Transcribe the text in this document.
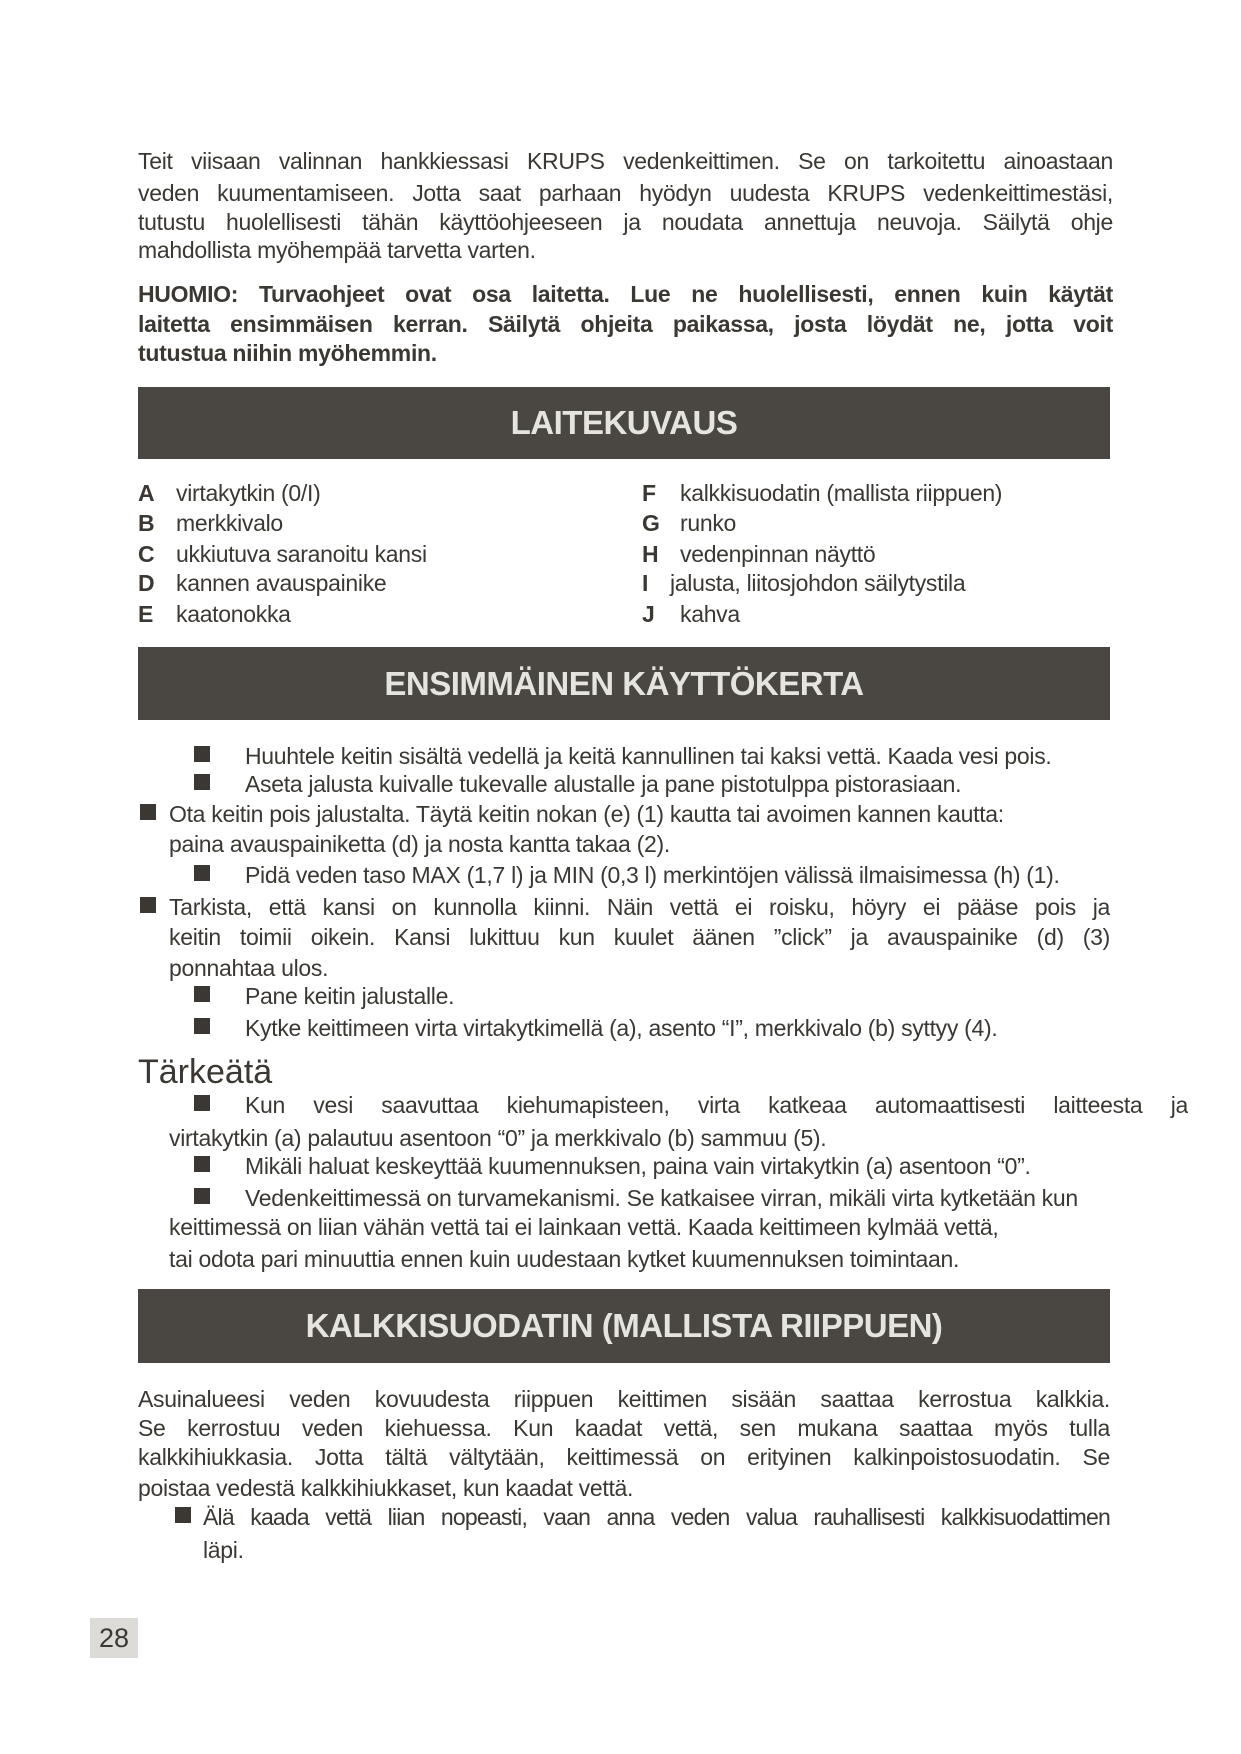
Teit viisaan valinnan hankkiessasi KRUPS vedenkeittimen. Se on tarkoitettu ainoastaan
veden kuumentamiseen. Jotta saat parhaan hyödyn uudesta KRUPS vedenkeittimestäsi,
tutustu huolellisesti tähän käyttöohjeeseen ja noudata annettuja neuvoja. Säilytä ohje
mahdollista myöhempää tarvetta varten.
HUOMIO: Turvaohjeet ovat osa laitetta. Lue ne huolellisesti, ennen kuin käytät
laitetta ensimmäisen kerran. Säilytä ohjeita paikassa, josta löydät ne, jotta voit
tutustua niihin myöhemmin.
LAITEKUVAUS
A virtakytkin (0/I)
B merkkivalo
C ukkiutuva saranoitu kansi
D kannen avauspainike
E kaatonokka
F kalkkisuodatin (mallista riippuen)
G runko
H vedenpinnan näyttö
I jalusta, liitosjohdon säilytystila
J kahva
ENSIMMÄINEN KÄYTTÖKERTA
Huuhtele keitin sisältä vedellä ja keitä kannullinen tai kaksi vettä. Kaada vesi pois.
Aseta jalusta kuivalle tukevalle alustalle ja pane pistotulppa pistorasiaan.
Ota keitin pois jalustalta. Täytä keitin nokan (e) (1) kautta tai avoimen kannen kautta:
paina avauspainiketta (d) ja nosta kantta takaa (2).
Pidä veden taso MAX (1,7 l) ja MIN (0,3 l) merkintöjen välissä ilmaisimessa (h) (1).
Tarkista, että kansi on kunnolla kiinni. Näin vettä ei roisku, höyry ei pääse pois ja
keitin toimii oikein. Kansi lukittuu kun kuulet äänen ”click” ja avauspainike (d) (3)
ponnahtaa ulos.
Pane keitin jalustalle.
Kytke keittimeen virta virtakytkimellä (a), asento “I”, merkkivalo (b) syttyy (4).
Tärkeätä
Kun vesi saavuttaa kiehumapisteen, virta katkeaa automaattisesti laitteesta ja
virtakytkin (a) palautuu asentoon “0” ja merkkivalo (b) sammuu (5).
Mikäli haluat keskeyttää kuumennuksen, paina vain virtakytkin (a) asentoon “0”.
Vedenkeittimessä on turvamekanismi. Se katkaisee virran, mikäli virta kytketään kun
keittimessä on liian vähän vettä tai ei lainkaan vettä. Kaada keittimeen kylmää vettä,
tai odota pari minuuttia ennen kuin uudestaan kytket kuumennuksen toimintaan.
KALKKISUODATIN (MALLISTA RIIPPUEN)
Asuinalueesi veden kovuudesta riippuen keittimen sisään saattaa kerrostua kalkkia.
Se kerrostuu veden kiehuessa. Kun kaadat vettä, sen mukana saattaa myös tulla
kalkkihiukkasia. Jotta tältä vältytään, keittimessä on erityinen kalkinpoistosuodatin. Se
poistaa vedestä kalkkihiukkaset, kun kaadat vettä.
Älä kaada vettä liian nopeasti, vaan anna veden valua rauhallisesti kalkkisuodattimen
läpi.
28
